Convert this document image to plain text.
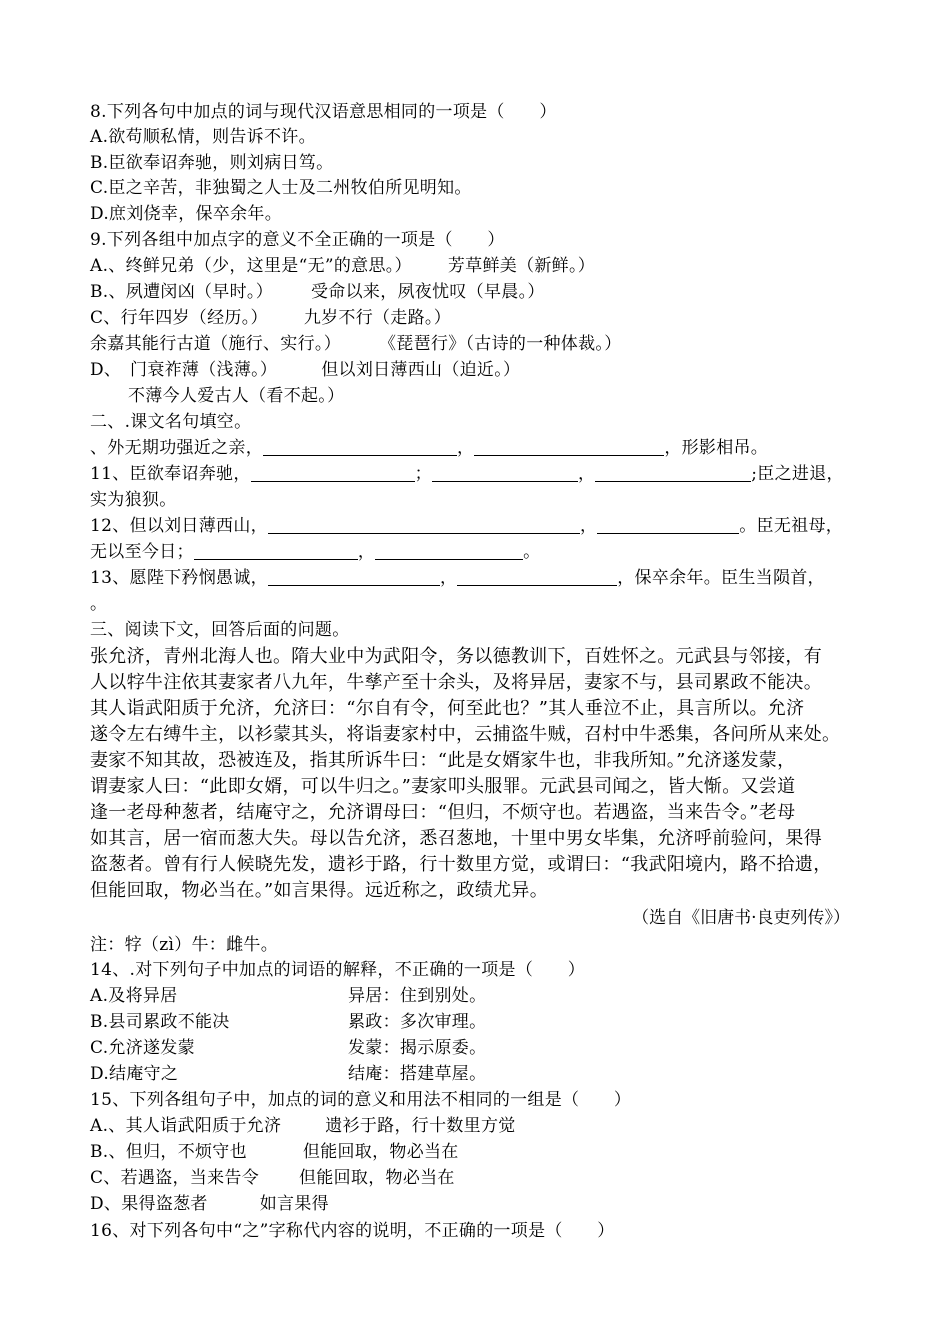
8.下列各句中加点的词与现代汉语意思相同的一项是（　　）
A.欲苟顺私情，则告诉不许。
B.臣欲奉诏奔驰，则刘病日笃。
C.臣之辛苦，非独蜀之人士及二州牧伯所见明知。
D.庶刘侥幸，保卒余年。
9.下列各组中加点字的意义不全正确的一项是（　　）
A.、终鲜兄弟（少，这里是“无”的意思。） 芳草鲜美（新鲜。）
B.、夙遭闵凶（早时。） 受命以来，夙夜忧叹（早晨。）
C、行年四岁（经历。） 九岁不行（走路。）
余嘉其能行古道（施行、实行。） 《琵琶行》（古诗的一种体裁。）
D、　门衰祚薄（浅薄。）	但以刘日薄西山（迫近。）
不薄今人爱古人（看不起。）
二、.课文名句填空。
、外无期功强近之亲，	，	，形影相吊。
11、臣欲奉诏奔驰，	；	，	;臣之进退，
实为狼狈。
12、但以刘日薄西山，	，	。臣无祖母，
无以至今日；	，	。
13、愿陛下矜悯愚诚，	，	，保卒余年。臣生当陨首，
。
三、阅读下文，回答后面的问题。
张允济，青州北海人也。隋大业中为武阳令，务以德教训下，百姓怀之。元武县与邻接，有
人以牸牛注依其妻家者八九年，牛孳产至十余头，及将异居，妻家不与，县司累政不能决。
其人诣武阳质于允济，允济曰：“尔自有令，何至此也？”其人垂泣不止，具言所以。允济
遂令左右缚牛主，以衫蒙其头，将诣妻家村中，云捕盗牛贼，召村中牛悉集，各问所从来处。
妻家不知其故，恐被连及，指其所诉牛曰：“此是女婿家牛也，非我所知。”允济遂发蒙，
谓妻家人曰：“此即女婿，可以牛归之。”妻家叩头服罪。元武县司闻之，皆大惭。又尝道
逢一老母种葱者，结庵守之，允济谓母曰：“但归，不烦守也。若遇盗，当来告令。”老母
如其言，居一宿而葱大失。母以告允济，悉召葱地，十里中男女毕集，允济呼前验问，果得
盗葱者。曾有行人候晓先发，遗衫于路，行十数里方觉，或谓曰：“我武阳境内，路不拾遗，
但能回取，物必当在。”如言果得。远近称之，政绩尤异。
（选自《旧唐书·良吏列传》）
注：牸（zì）牛：雌牛。
14、.对下列句子中加点的词语的解释，不正确的一项是（　　）
A.及将异居	异居：住到别处。
B.县司累政不能决	累政：多次审理。
C.允济遂发蒙	发蒙：揭示原委。
D.结庵守之	结庵：搭建草屋。
15、下列各组句子中，加点的词的意义和用法不相同的一组是（　　）
A.、其人诣武阳质于允济	遗衫于路，行十数里方觉
B.、但归，不烦守也	但能回取，物必当在
C、若遇盗，当来告令 但能回取，物必当在
D、果得盗葱者	如言果得
16、对下列各句中“之”字称代内容的说明，不正确的一项是（　　）
